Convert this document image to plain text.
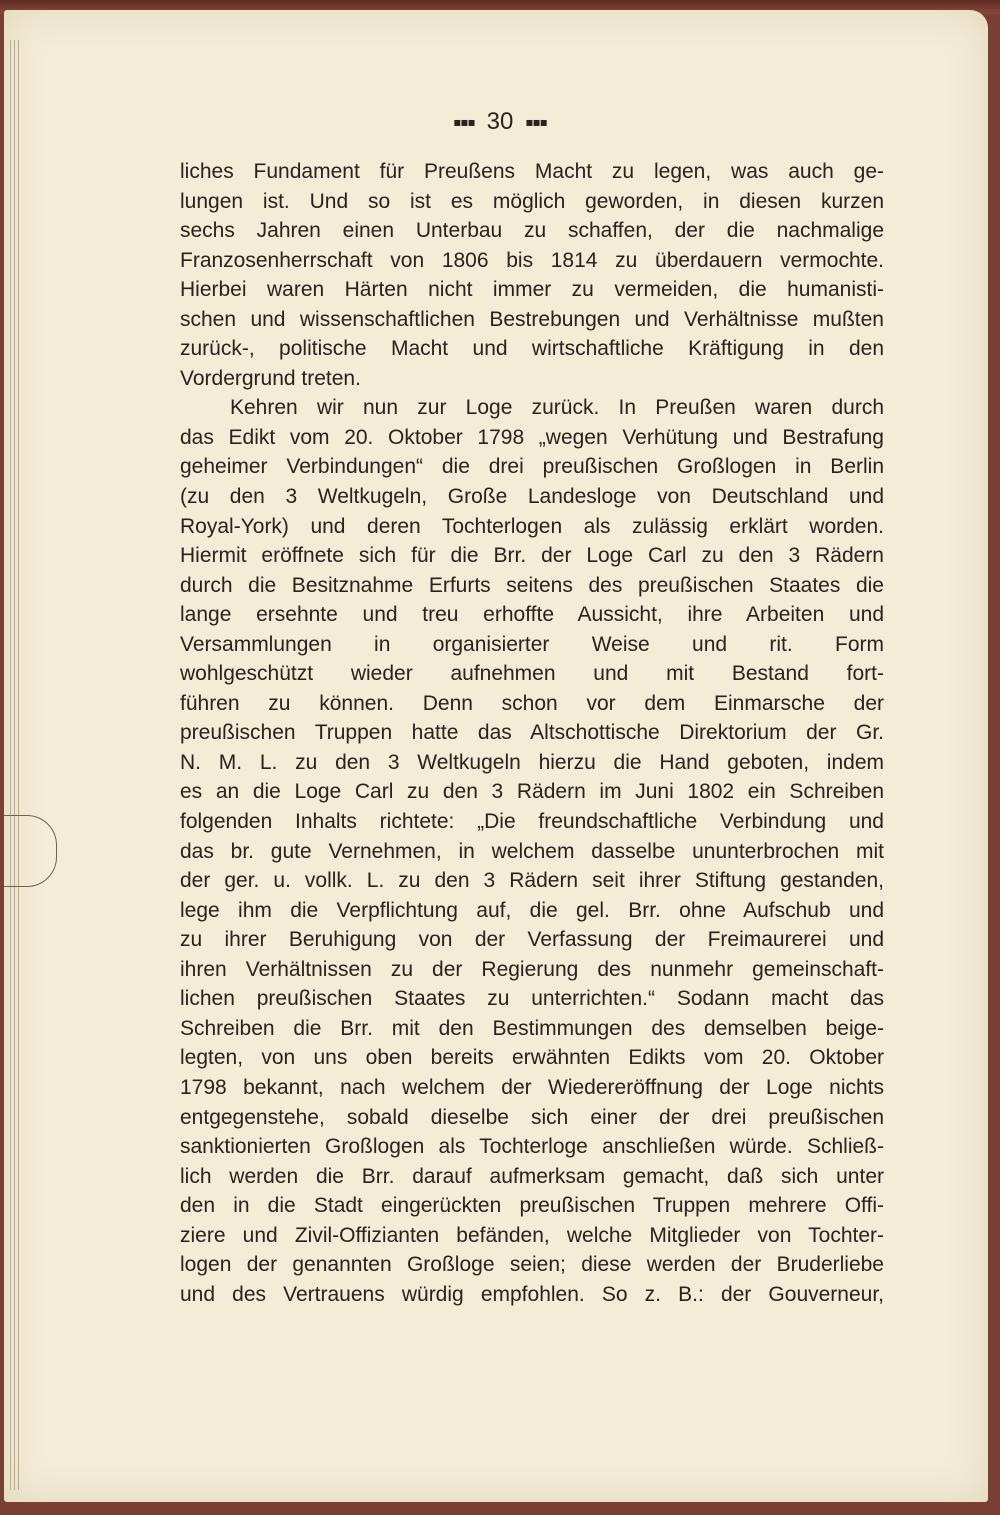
▪▪▪ 30 ▪▪▪
liches Fundament für Preußens Macht zu legen, was auch ge-
lungen ist. Und so ist es möglich geworden, in diesen kurzen
sechs Jahren einen Unterbau zu schaffen, der die nachmalige
Franzosenherrschaft von 1806 bis 1814 zu überdauern vermochte.
Hierbei waren Härten nicht immer zu vermeiden, die humanisti-
schen und wissenschaftlichen Bestrebungen und Verhältnisse mußten
zurück-, politische Macht und wirtschaftliche Kräftigung in den
Vordergrund treten.
Kehren wir nun zur Loge zurück. In Preußen waren durch
das Edikt vom 20. Oktober 1798 „wegen Verhütung und Bestrafung
geheimer Verbindungen“ die drei preußischen Großlogen in Berlin
(zu den 3 Weltkugeln, Große Landesloge von Deutschland und
Royal-York) und deren Tochterlogen als zulässig erklärt worden.
Hiermit eröffnete sich für die Brr. der Loge Carl zu den 3 Rädern
durch die Besitznahme Erfurts seitens des preußischen Staates die
lange ersehnte und treu erhoffte Aussicht, ihre Arbeiten und
Versammlungen in organisierter Weise und rit. Form
wohlgeschützt wieder aufnehmen und mit Bestand fort-
führen zu können. Denn schon vor dem Einmarsche der
preußischen Truppen hatte das Altschottische Direktorium der Gr.
N. M. L. zu den 3 Weltkugeln hierzu die Hand geboten, indem
es an die Loge Carl zu den 3 Rädern im Juni 1802 ein Schreiben
folgenden Inhalts richtete: „Die freundschaftliche Verbindung und
das br. gute Vernehmen, in welchem dasselbe ununterbrochen mit
der ger. u. vollk. L. zu den 3 Rädern seit ihrer Stiftung gestanden,
lege ihm die Verpflichtung auf, die gel. Brr. ohne Aufschub und
zu ihrer Beruhigung von der Verfassung der Freimaurerei und
ihren Verhältnissen zu der Regierung des nunmehr gemeinschaft-
lichen preußischen Staates zu unterrichten.“ Sodann macht das
Schreiben die Brr. mit den Bestimmungen des demselben beige-
legten, von uns oben bereits erwähnten Edikts vom 20. Oktober
1798 bekannt, nach welchem der Wiedereröffnung der Loge nichts
entgegenstehe, sobald dieselbe sich einer der drei preußischen
sanktionierten Großlogen als Tochterloge anschließen würde. Schließ-
lich werden die Brr. darauf aufmerksam gemacht, daß sich unter
den in die Stadt eingerückten preußischen Truppen mehrere Offi-
ziere und Zivil-Offizianten befänden, welche Mitglieder von Tochter-
logen der genannten Großloge seien; diese werden der Bruderliebe
und des Vertrauens würdig empfohlen. So z. B.: der Gouverneur,
